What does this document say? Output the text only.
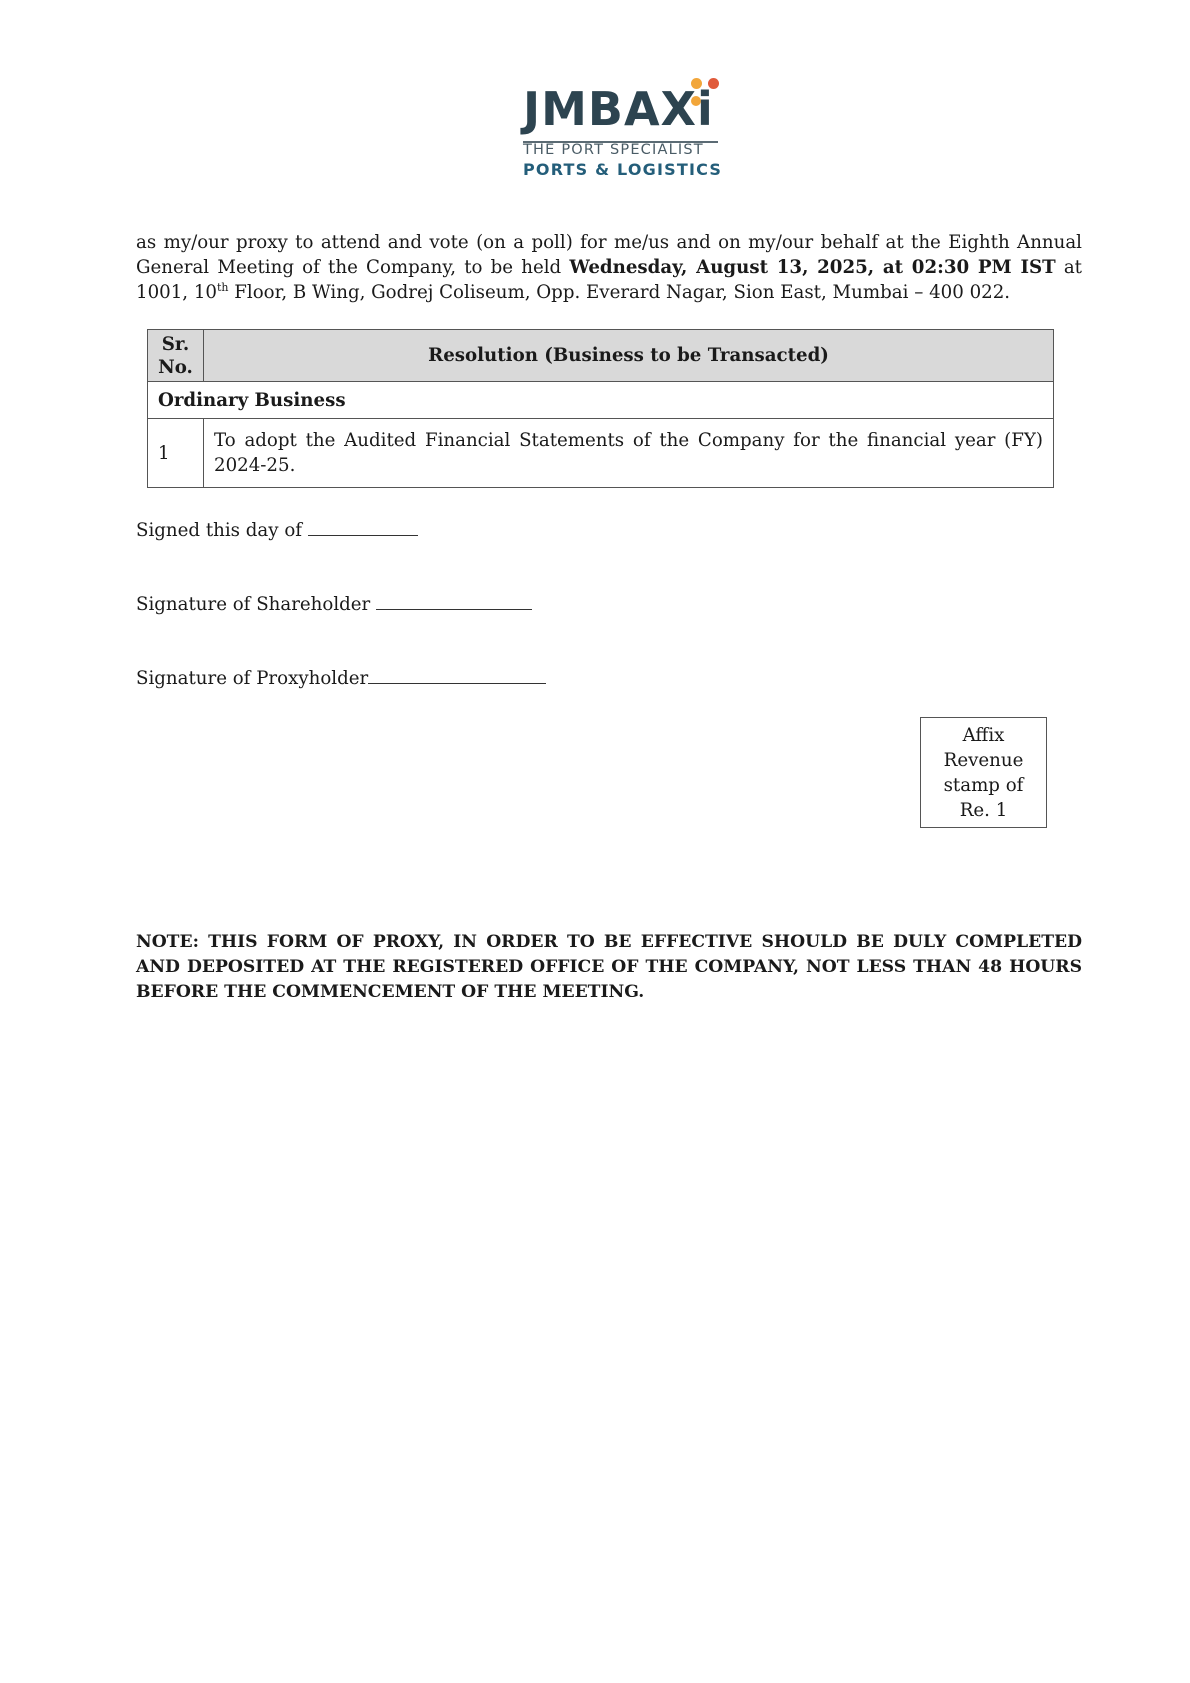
JMBAXi
THE PORT SPECIALIST
PORTS & LOGISTICS
as my/our proxy to attend and vote (on a poll) for me/us and on my/our behalf at the Eighth Annual General Meeting of the Company, to be held Wednesday, August 13, 2025, at 02:30 PM IST at 1001, 10th Floor, B Wing, Godrej Coliseum, Opp. Everard Nagar, Sion East, Mumbai – 400 022.
Sr. No.	Resolution (Business to be Transacted)
Ordinary Business	
1	To adopt the Audited Financial Statements of the Company for the financial year (FY) 2024-25.
Signed this day of
Signature of Shareholder
Signature of Proxyholder
Affix Revenue stamp of Re. 1
NOTE: THIS FORM OF PROXY, IN ORDER TO BE EFFECTIVE SHOULD BE DULY COMPLETED AND DEPOSITED AT THE REGISTERED OFFICE OF THE COMPANY, NOT LESS THAN 48 HOURS BEFORE THE COMMENCEMENT OF THE MEETING.
